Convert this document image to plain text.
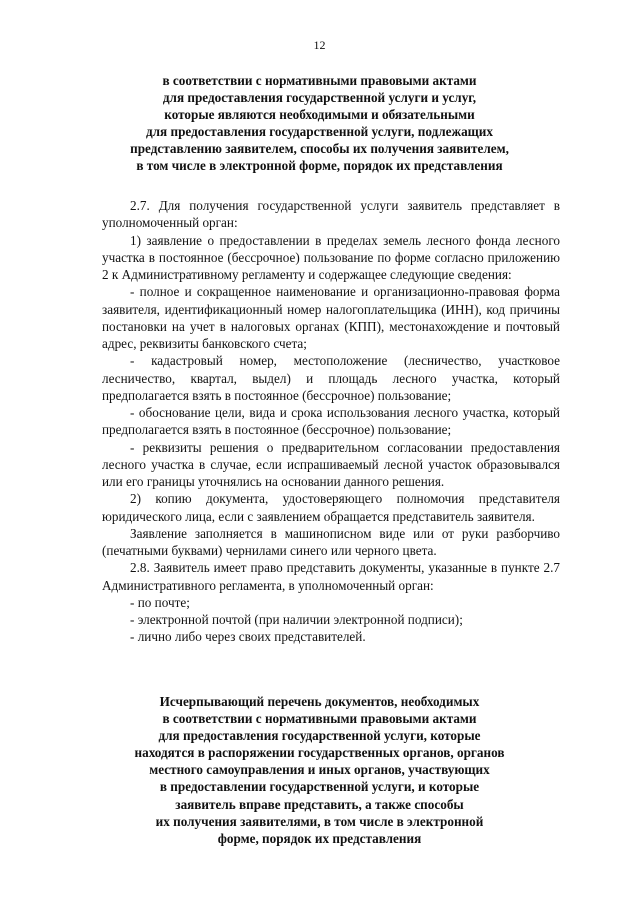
12
в соответствии с нормативными правовыми актами
для предоставления государственной услуги и услуг,
которые являются необходимыми и обязательными
для предоставления государственной услуги, подлежащих
представлению заявителем, способы их получения заявителем,
в том числе в электронной форме, порядок их представления

2.7. Для получения государственной услуги заявитель представляет в уполномоченный орган:

1) заявление о предоставлении в пределах земель лесного фонда лесного участка в постоянное (бессрочное) пользование по форме согласно приложению 2 к Административному регламенту и содержащее следующие сведения:

- полное и сокращенное наименование и организационно-правовая форма заявителя, идентификационный номер налогоплательщика (ИНН), код причины постановки на учет в налоговых органах (КПП), местонахождение и почтовый адрес, реквизиты банковского счета;

- кадастровый номер, местоположение (лесничество, участковое лесничество, квартал, выдел) и площадь лесного участка, который предполагается взять в постоянное (бессрочное) пользование;

- обоснование цели, вида и срока использования лесного участка, который предполагается взять в постоянное (бессрочное) пользование;

- реквизиты решения о предварительном согласовании предоставления лесного участка в случае, если испрашиваемый лесной участок образовывался или его границы уточнялись на основании данного решения.

2) копию документа, удостоверяющего полномочия представителя юридического лица, если с заявлением обращается представитель заявителя.

Заявление заполняется в машинописном виде или от руки разборчиво (печатными буквами) чернилами синего или черного цвета.

2.8. Заявитель имеет право представить документы, указанные в пункте 2.7 Административного регламента, в уполномоченный орган:

- по почте;

- электронной почтой (при наличии электронной подписи);

- лично либо через своих представителей.

Исчерпывающий перечень документов, необходимых
в соответствии с нормативными правовыми актами
для предоставления государственной услуги, которые
находятся в распоряжении государственных органов, органов
местного самоуправления и иных органов, участвующих
в предоставлении государственной услуги, и которые
заявитель вправе представить, а также способы
их получения заявителями, в том числе в электронной
форме, порядок их представления
